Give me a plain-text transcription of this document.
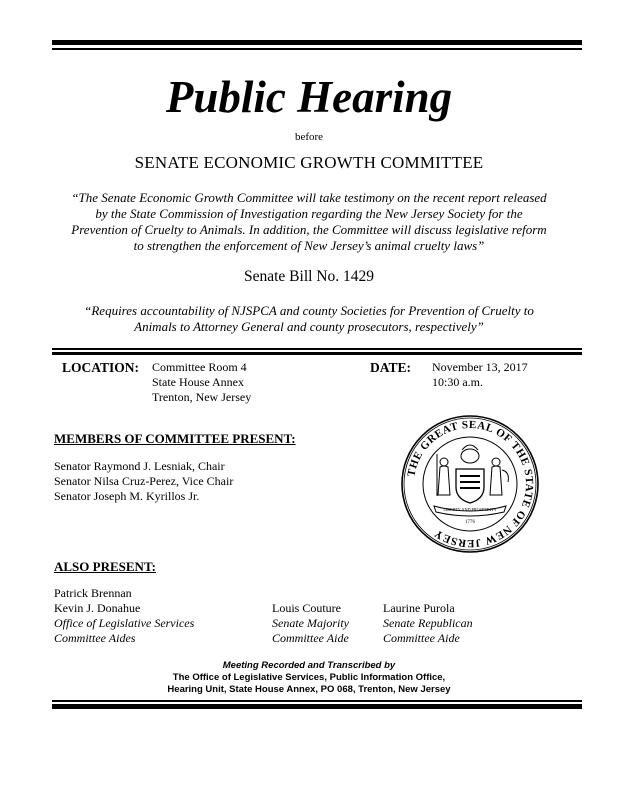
Public Hearing
before
SENATE ECONOMIC GROWTH COMMITTEE
“The Senate Economic Growth Committee will take testimony on the recent report released
by the State Commission of Investigation regarding the New Jersey Society for the
Prevention of Cruelty to Animals. In addition, the Committee will discuss legislative reform
to strengthen the enforcement of New Jersey’s animal cruelty laws”
Senate Bill No. 1429
“Requires accountability of NJSPCA and county Societies for Prevention of Cruelty to
Animals to Attorney General and county prosecutors, respectively”
LOCATION: Committee Room 4
State House Annex
Trenton, New Jersey
DATE: November 13, 2017
10:30 a.m.
MEMBERS OF COMMITTEE PRESENT:
Senator Raymond J. Lesniak, Chair
Senator Nilsa Cruz-Perez, Vice Chair
Senator Joseph M. Kyrillos Jr.
THE GREAT SEAL OF THE STATE OF NEW JERSEY
LIBERTY AND PROSPERITY
1776
ALSO PRESENT:
Patrick Brennan
Kevin J. Donahue
Office of Legislative Services
Committee Aides
Louis Couture
Senate Majority
Committee Aide
Laurine Purola
Senate Republican
Committee Aide
Meeting Recorded and Transcribed by
The Office of Legislative Services, Public Information Office,
Hearing Unit, State House Annex, PO 068, Trenton, New Jersey
